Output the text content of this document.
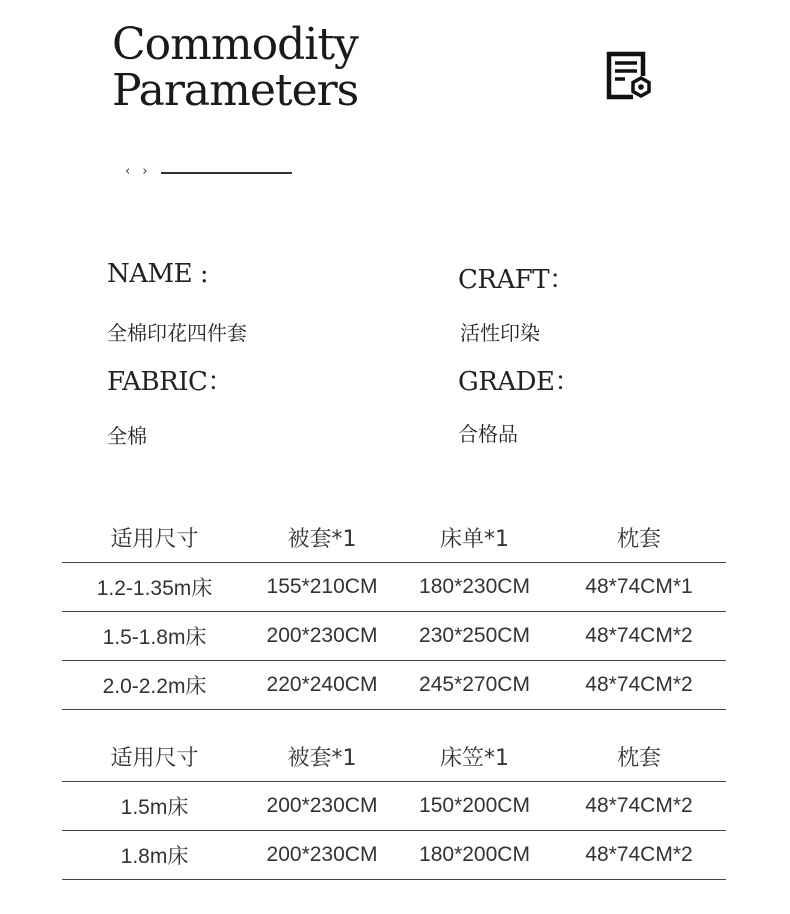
Commodity
Parameters
‹ ›
NAME :
全棉印花四件套
CRAFT：
活性印染
FABRIC：
全棉
GRADE：
合格品
适用尺寸	被套*1	床单*1	枕套
1.2-1.35m床	155*210CM	180*230CM	48*74CM*1
1.5-1.8m床	200*230CM	230*250CM	48*74CM*2
2.0-2.2m床	220*240CM	245*270CM	48*74CM*2
适用尺寸	被套*1	床笠*1	枕套
1.5m床	200*230CM	150*200CM	48*74CM*2
1.8m床	200*230CM	180*200CM	48*74CM*2
